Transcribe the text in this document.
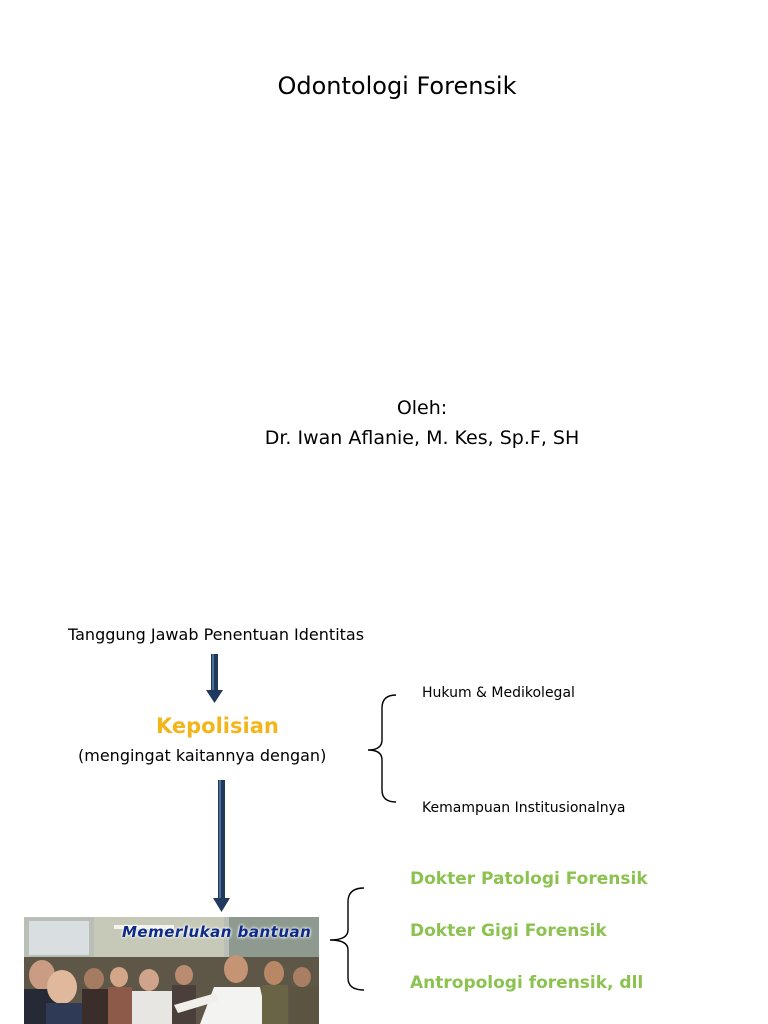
Odontologi Forensik
Oleh:
Dr. Iwan Aflanie, M. Kes, Sp.F, SH
Tanggung Jawab Penentuan Identitas
Kepolisian
(mengingat kaitannya dengan)
Hukum & Medikolegal
Kemampuan Institusionalnya
Dokter Patologi Forensik
Dokter Gigi Forensik
Antropologi forensik, dll
Memerlukan bantuan
